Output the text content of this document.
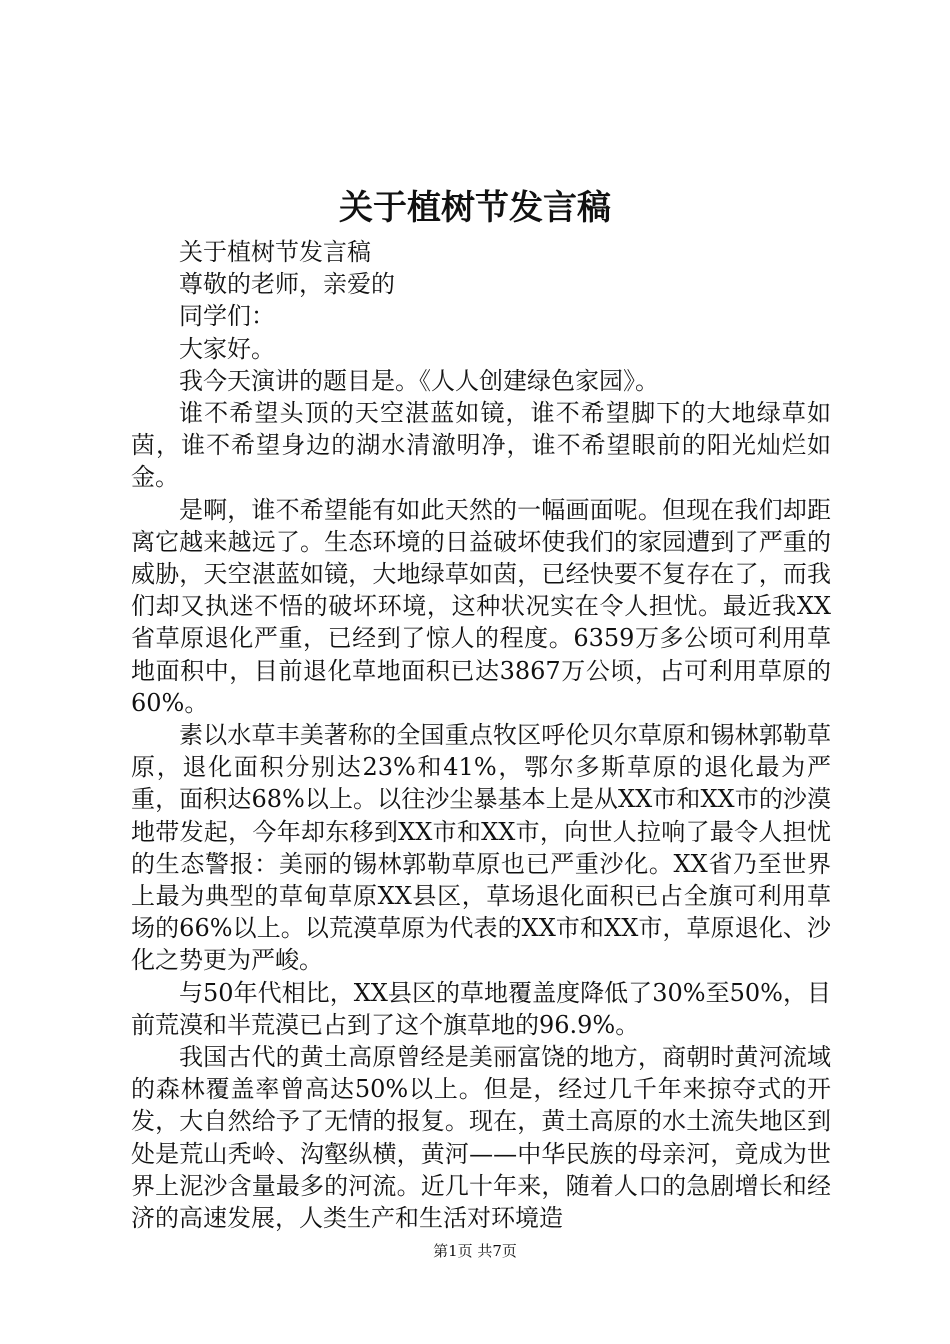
关于植树节发言稿

关于植树节发言稿

尊敬的老师，亲爱的

同学们：

大家好。

我今天演讲的题目是。《人人创建绿色家园》。

谁不希望头顶的天空湛蓝如镜，谁不希望脚下的大地绿草如茵，谁不希望身边的湖水清澈明净，谁不希望眼前的阳光灿烂如金。

是啊，谁不希望能有如此天然的一幅画面呢。但现在我们却距离它越来越远了。生态环境的日益破坏使我们的家园遭到了严重的威胁，天空湛蓝如镜，大地绿草如茵，已经快要不复存在了，而我们却又执迷不悟的破坏环境，这种状况实在令人担忧。最近我XX省草原退化严重，已经到了惊人的程度。6359万多公顷可利用草地面积中，目前退化草地面积已达3867万公顷，占可利用草原的60%。

素以水草丰美著称的全国重点牧区呼伦贝尔草原和锡林郭勒草原，退化面积分别达23%和41%，鄂尔多斯草原的退化最为严重，面积达68%以上。以往沙尘暴基本上是从XX市和XX市的沙漠地带发起，今年却东移到XX市和XX市，向世人拉响了最令人担忧的生态警报：美丽的锡林郭勒草原也已严重沙化。XX省乃至世界上最为典型的草甸草原XX县区，草场退化面积已占全旗可利用草场的66%以上。以荒漠草原为代表的XX市和XX市，草原退化、沙化之势更为严峻。

与50年代相比，XX县区的草地覆盖度降低了30%至50%，目前荒漠和半荒漠已占到了这个旗草地的96.9%。

我国古代的黄土高原曾经是美丽富饶的地方，商朝时黄河流域的森林覆盖率曾高达50%以上。但是，经过几千年来掠夺式的开发，大自然给予了无情的报复。现在，黄土高原的水土流失地区到处是荒山秃岭、沟壑纵横，黄河——中华民族的母亲河，竟成为世界上泥沙含量最多的河流。近几十年来，随着人口的急剧增长和经济的高速发展，人类生产和生活对环境造

第1页 共7页
